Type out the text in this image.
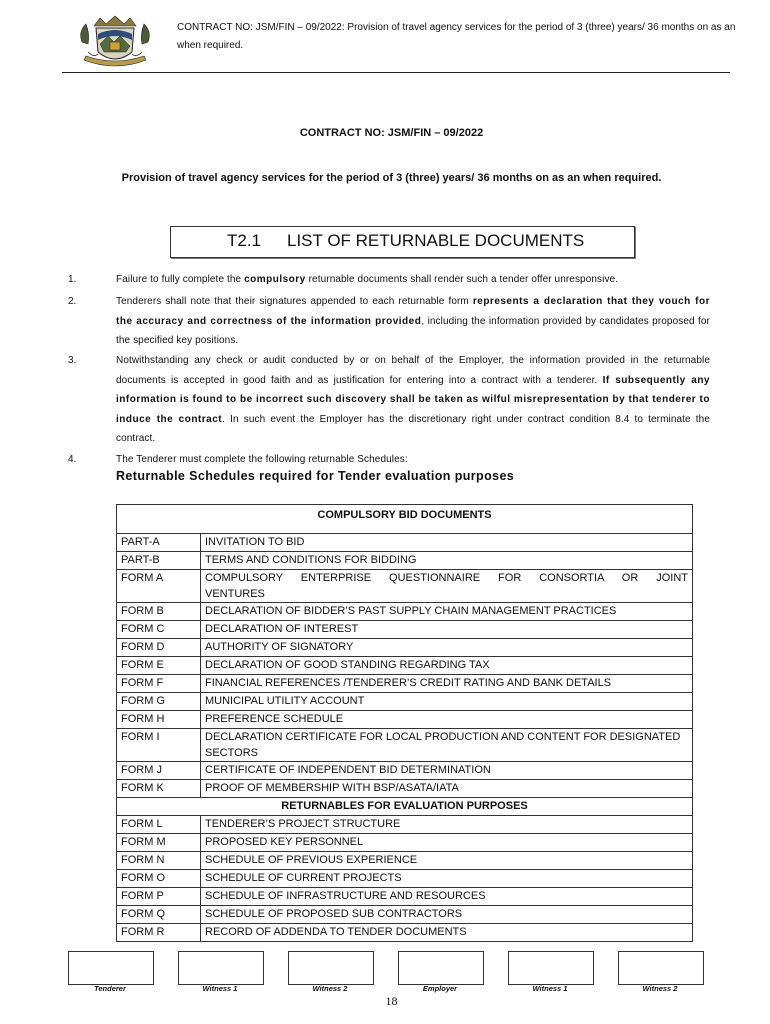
CONTRACT NO: JSM/FIN – 09/2022: Provision of travel agency services for the period of 3 (three) years/ 36 months on as an when required.
CONTRACT NO: JSM/FIN – 09/2022
Provision of travel agency services for the period of 3 (three) years/ 36 months on as an when required.
T2.1 LIST OF RETURNABLE DOCUMENTS
1.	Failure to fully complete the compulsory returnable documents shall render such a tender offer unresponsive.
2.	Tenderers shall note that their signatures appended to each returnable form represents a declaration that they vouch for the accuracy and correctness of the information provided, including the information provided by candidates proposed for the specified key positions.
3.	Notwithstanding any check or audit conducted by or on behalf of the Employer, the information provided in the returnable documents is accepted in good faith and as justification for entering into a contract with a tenderer. If subsequently any information is found to be incorrect such discovery shall be taken as wilful misrepresentation by that tenderer to induce the contract. In such event the Employer has the discretionary right under contract condition 8.4 to terminate the contract.
4.	The Tenderer must complete the following returnable Schedules:
Returnable Schedules required for Tender evaluation purposes
COMPULSORY BID DOCUMENTS	
PART-A	INVITATION TO BID
PART-B	TERMS AND CONDITIONS FOR BIDDING
FORM A	COMPULSORY ENTERPRISE QUESTIONNAIRE FOR CONSORTIA OR JOINT
VENTURES
FORM B	DECLARATION OF BIDDER’S PAST SUPPLY CHAIN MANAGEMENT PRACTICES
FORM C	DECLARATION OF INTEREST
FORM D	AUTHORITY OF SIGNATORY
FORM E	DECLARATION OF GOOD STANDING REGARDING TAX
FORM F	FINANCIAL REFERENCES /TENDERER’S CREDIT RATING AND BANK DETAILS
FORM G	MUNICIPAL UTILITY ACCOUNT
FORM H	PREFERENCE SCHEDULE
FORM I	DECLARATION CERTIFICATE FOR LOCAL PRODUCTION AND CONTENT FOR DESIGNATED SECTORS
FORM J	CERTIFICATE OF INDEPENDENT BID DETERMINATION
FORM K	PROOF OF MEMBERSHIP WITH BSP/ASATA/IATA
RETURNABLES FOR EVALUATION PURPOSES	
FORM L	TENDERER’S PROJECT STRUCTURE
FORM M	PROPOSED KEY PERSONNEL
FORM N	SCHEDULE OF PREVIOUS EXPERIENCE
FORM O	SCHEDULE OF CURRENT PROJECTS
FORM P	SCHEDULE OF INFRASTRUCTURE AND RESOURCES
FORM Q	SCHEDULE OF PROPOSED SUB CONTRACTORS
FORM R	RECORD OF ADDENDA TO TENDER DOCUMENTS
Tenderer	Witness 1	Witness 2	Employer	Witness 1	Witness 2
18
